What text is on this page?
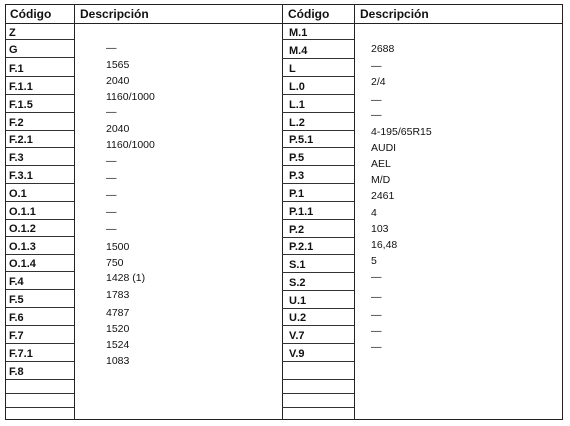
Código Descripción	Código	Descripción
Z
G
F.1
F.1.1
F.1.5
F.2
F.2.1
F.3
F.3.1
O.1
O.1.1
O.1.2
O.1.3
O.1.4
F.4
F.5
F.6
F.7
F.7.1
F.8
—
1565
2040
1160/1000
—
2040
1160/1000
—
—
—
—
—
1500
750
1428 (1)
1783
4787
1520
1524
1083
M.1
M.4
L
L.0
L.1
L.2
P.5.1
P.5
P.3
P.1
P.1.1
P.2
P.2.1
S.1
S.2
U.1
U.2
V.7
V.9
2688
—
2/4
—
—
4-195/65R15
AUDI
AEL
M/D
2461
4
103
16,48
5
—
—
—
—
—
